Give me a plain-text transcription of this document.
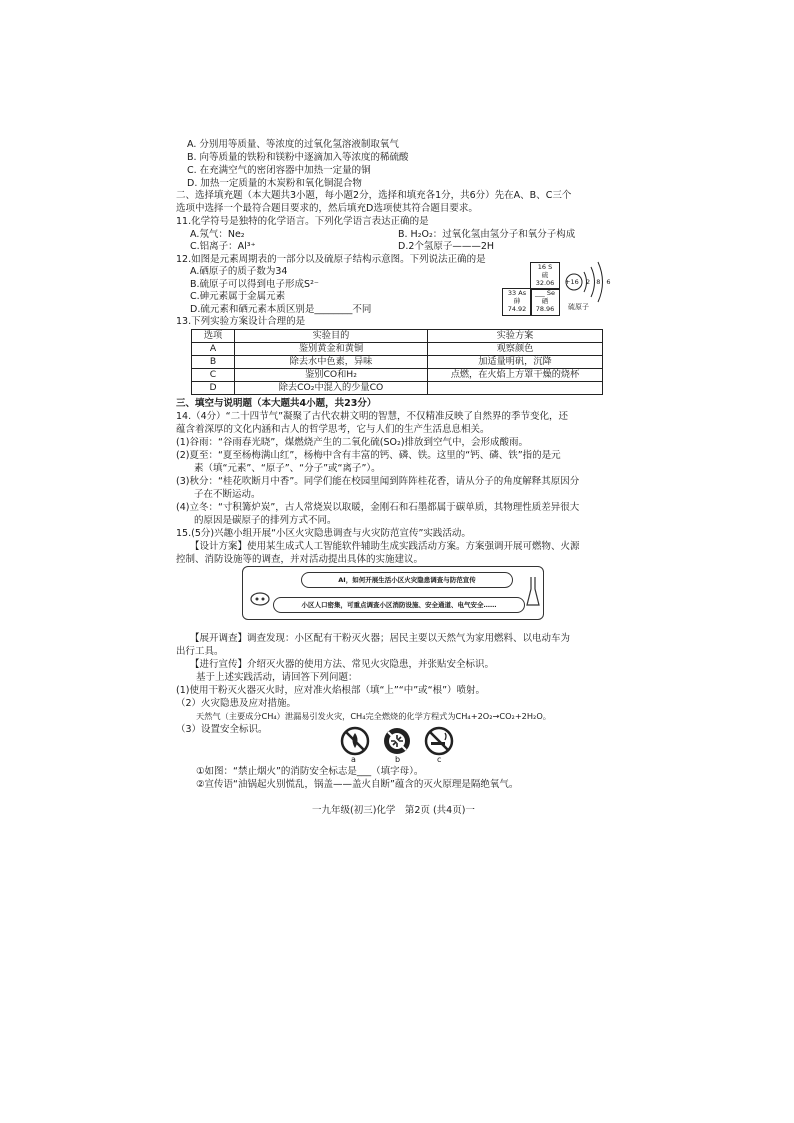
A. 分别用等质量、等浓度的过氧化氢溶液制取氧气
B. 向等质量的铁粉和镁粉中逐滴加入等浓度的稀硫酸
C. 在充满空气的密闭容器中加热一定量的铜
D. 加热一定质量的木炭粉和氧化铜混合物
二、选择填充题（本大题共3小题，每小题2分，选择和填充各1分，共6分）先在A、B、C三个
选项中选择一个最符合题目要求的，然后填充D选项使其符合题目要求。
11.化学符号是独特的化学语言。下列化学语言表达正确的是
A.氖气：Ne₂	B. H₂O₂：过氧化氢由氢分子和氧分子构成
C.铝离子：Al³⁺	D.2个氢原子———2H
12.如图是元素周期表的一部分以及硫原子结构示意图。下列说法正确的是
A.硒原子的质子数为34
B.硫原子可以得到电子形成S²⁻
C.砷元素属于金属元素
D.硫元素和硒元素本质区别是________不同
16 S
硫
32.06
33 As
砷
74.92
___ Se
硒
78.96
+16 2 8 6
硫原子
13.下列实验方案设计合理的是
选项	实验目的	实验方案
A	鉴别黄金和黄铜	观察颜色
B	除去水中色素，异味	加适量明矾，沉降
C	鉴别CO和H₂	点燃，在火焰上方罩干燥的烧杯
D	除去CO₂中混入的少量CO	
三、填空与说明题（本大题共4小题，共23分）
14.（4分）“二十四节气”凝聚了古代农耕文明的智慧，不仅精准反映了自然界的季节变化，还
蕴含着深厚的文化内涵和古人的哲学思考，它与人们的生产生活息息相关。
(1)谷雨：“谷雨春光晓”，煤燃烧产生的二氧化硫(SO₂)排放到空气中，会形成酸雨。
(2)夏至：“夏至杨梅满山红”，杨梅中含有丰富的钙、磷、铁。这里的“钙、磷、铁”指的是元
素（填“元素”、“原子”、“分子”或“离子”）。
(3)秋分：“桂花吹断月中香”。同学们能在校园里闻到阵阵桂花香，请从分子的角度解释其原因分
子在不断运动。
(4)立冬：“寸积篝炉炭”，古人常烧炭以取暖，金刚石和石墨都属于碳单质，其物理性质差异很大
的原因是碳原子的排列方式不同。
15.(5分)兴趣小组开展“小区火灾隐患调查与火灾防范宣传”实践活动。
【设计方案】使用某生成式人工智能软件辅助生成实践活动方案。方案强调开展可燃物、火源
控制、消防设施等的调查，并对活动提出具体的实施建议。
AI，如何开展生活小区火灾隐患调查与防范宣传
小区人口密集，可重点调查小区消防设施、安全通道、电气安全……
【展开调查】调查发现：小区配有干粉灭火器；居民主要以天然气为家用燃料、以电动车为
出行工具。
【进行宣传】介绍灭火器的使用方法、常见火灾隐患，并张贴安全标识。
基于上述实践活动，请回答下列问题：
(1)使用干粉灭火器灭火时，应对准火焰根部（填“上”“中”或“根”）喷射。
（2）火灾隐患及应对措施。
天然气（主要成分CH₄）泄漏易引发火灾，CH₄完全燃烧的化学方程式为CH₄+2O₂→CO₂+2H₂O。
（3）设置安全标识。
a	b	c
①如图：“禁止烟火”的消防安全标志是___（填字母）。
②宣传语“油锅起火别慌乱，锅盖——盖火自断”蕴含的灭火原理是隔绝氧气。
一九年级(初三)化学　第2页 (共4页)一
